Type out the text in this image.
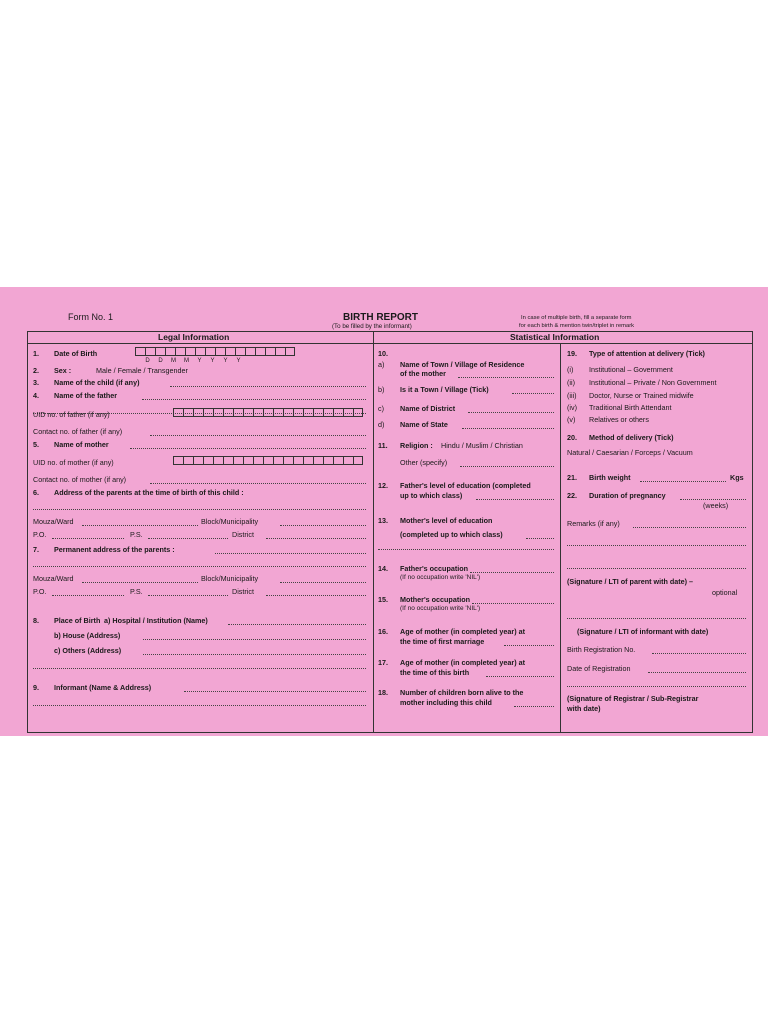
Form No. 1	BIRTH REPORT
(To be filled by the informant)
In case of multiple birth, fill a separate form
for each birth & mention twin/triplet in remark
Legal Information	Statistical Information
1. Date of Birth
D	D	M	M	Y	Y	Y	Y
2. Sex :	Male / Female / Transgender
3. Name of the child (if any)
4. Name of the father
UID no. of father (if any)
Contact no. of father (if any)
5. Name of mother
UID no. of mother (if any)
Contact no. of mother (if any)
6. Address of the parents at the time of birth of this child :
Mouza/Ward	Block/Municipality
P.O.	P.S.	District
7. Permanent address of the parents :
Mouza/Ward	Block/Municipality
P.O.	P.S.	District
8. Place of Birth a) Hospital / Institution (Name)
b) House (Address)
c) Others (Address)
9. Informant (Name & Address)
10.
a) Name of Town / Village of Residence
of the mother
b) Is it a Town / Village (Tick)
c) Name of District
d) Name of State
11. Religion : Hindu / Muslim / Christian
Other (specify)
12. Father's level of education (completed
up to which class)
13. Mother's level of education
(completed up to which class)
14. Father's occupation
(If no occupation write 'NIL')
15. Mother's occupation
(If no occupation write 'NIL')
16. Age of mother (in completed year) at
the time of first marriage
17. Age of mother (in completed year) at
the time of this birth
18. Number of children born alive to the
mother including this child
19. Type of attention at delivery (Tick)
(i) Institutional – Government
(ii) Institutional – Private / Non Government
(iii) Doctor, Nurse or Trained midwife
(iv) Traditional Birth Attendant
(v) Relatives or others
20. Method of delivery (Tick)
Natural / Caesarian / Forceps / Vacuum
21. Birth weight	Kgs
22. Duration of pregnancy
(weeks)
Remarks (if any)
(Signature / LTI of parent with date) –
optional
(Signature / LTI of informant with date)
Birth Registration No.
Date of Registration
(Signature of Registrar / Sub-Registrar
with date)
